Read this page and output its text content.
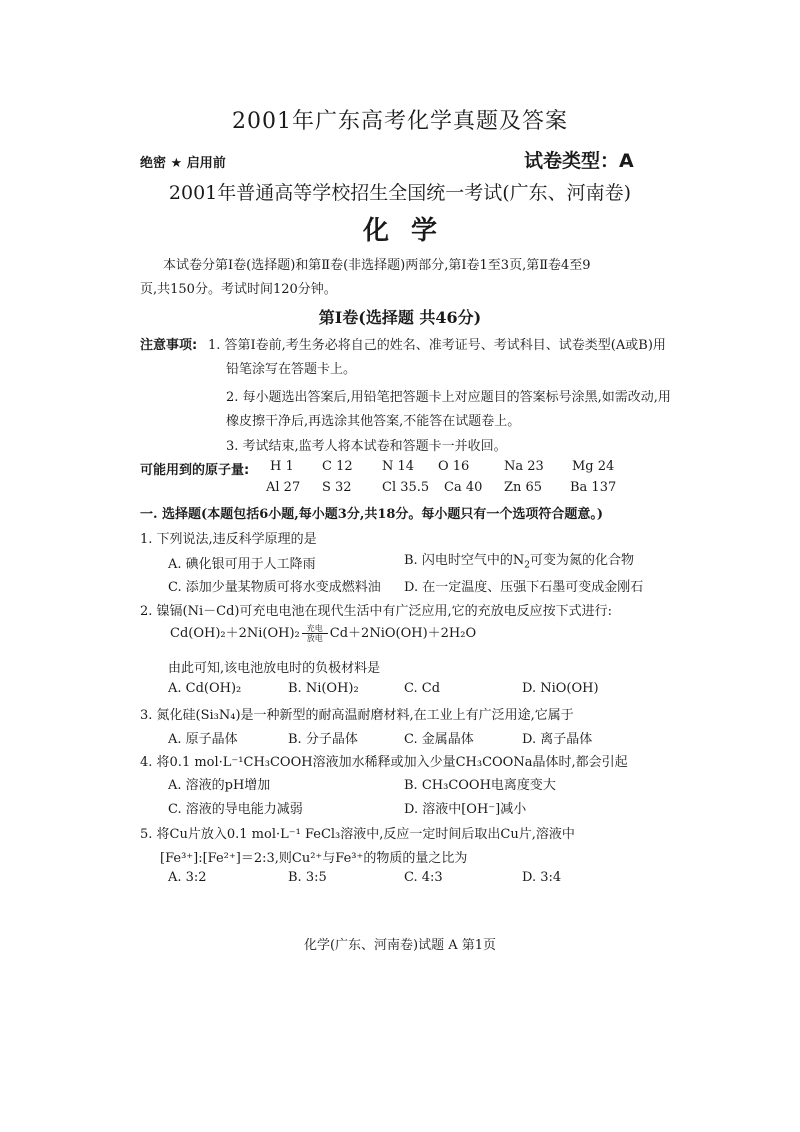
2001年广东高考化学真题及答案
绝密 ★ 启用前	试卷类型：A
2001年普通高等学校招生全国统一考试(广东、河南卷)
化学
本试卷分第Ⅰ卷(选择题)和第Ⅱ卷(非选择题)两部分,第Ⅰ卷1至3页,第Ⅱ卷4至9
页,共150分。考试时间120分钟。
第Ⅰ卷(选择题 共46分)
注意事项: 1. 答第Ⅰ卷前,考生务必将自己的姓名、准考证号、考试科目、试卷类型(A或B)用
铅笔涂写在答题卡上。
2. 每小题选出答案后,用铅笔把答题卡上对应题目的答案标号涂黑,如需改动,用
橡皮擦干净后,再选涂其他答案,不能答在试题卷上。
3. 考试结束,监考人将本试卷和答题卡一并收回。
可能用到的原子量: H 1 C 12 N 14 O 16	Na 23 Mg 24
Al 27 S 32 Cl 35.5 Ca 40 Zn 65 Ba 137
一. 选择题(本题包括6小题,每小题3分,共18分。每小题只有一个选项符合题意。)
1. 下列说法,违反科学原理的是
A. 碘化银可用于人工降雨	B. 闪电时空气中的$N_2$可变为氮的化合物
C. 添加少量某物质可将水变成燃料油 D. 在一定温度、压强下石墨可变成金刚石
2. 镍镉(Ni－Cd)可充电电池在现代生活中有广泛应用,它的充放电反应按下式进行:
Cd(OH)₂＋2Ni(OH)₂ 充电
放电 Cd＋2NiO(OH)＋2H₂O
由此可知,该电池放电时的负极材料是
A. Cd(OH)₂	B. Ni(OH)₂	C. Cd	D. NiO(OH)
3. 氮化硅(Si₃N₄)是一种新型的耐高温耐磨材料,在工业上有广泛用途,它属于
A. 原子晶体	B. 分子晶体	C. 金属晶体	D. 离子晶体
4. 将0.1 mol·L⁻¹CH₃COOH溶液加水稀释或加入少量CH₃COONa晶体时,都会引起
A. 溶液的pH增加	B. CH₃COOH电离度变大
C. 溶液的导电能力减弱	D. 溶液中[OH⁻]减小
5. 将Cu片放入0.1 mol·L⁻¹ FeCl₃溶液中,反应一定时间后取出Cu片,溶液中
[Fe³⁺]:[Fe²⁺]＝2:3,则Cu²⁺与Fe³⁺的物质的量之比为
A. 3:2	B. 3:5	C. 4:3	D. 3:4
化学(广东、河南卷)试题 A 第1页
